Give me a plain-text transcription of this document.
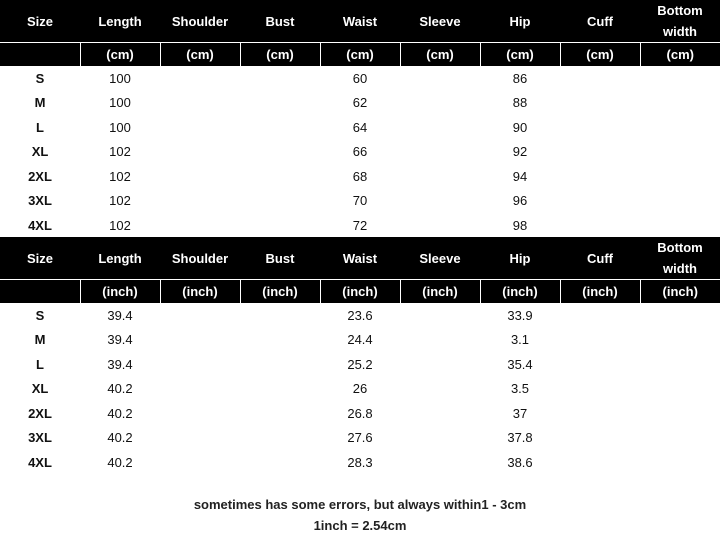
Size	Length	Shoulder	Bust	Waist	Sleeve	Hip	Cuff	Bottom width
	(cm)	(cm)	(cm)	(cm)	(cm)	(cm)	(cm)	(cm)
S	100			60		86		
M	100			62		88		
L	100			64		90		
XL	102			66		92		
2XL	102			68		94		
3XL	102			70		96		
4XL	102			72		98		
Size	Length	Shoulder	Bust	Waist	Sleeve	Hip	Cuff	Bottom width
	(inch)	(inch)	(inch)	(inch)	(inch)	(inch)	(inch)	(inch)
S	39.4			23.6		33.9		
M	39.4			24.4		3.1		
L	39.4			25.2		35.4		
XL	40.2			26		3.5		
2XL	40.2			26.8		37		
3XL	40.2			27.6		37.8		
4XL	40.2			28.3		38.6		
sometimes has some errors, but always within1 - 3cm
1inch = 2.54cm
